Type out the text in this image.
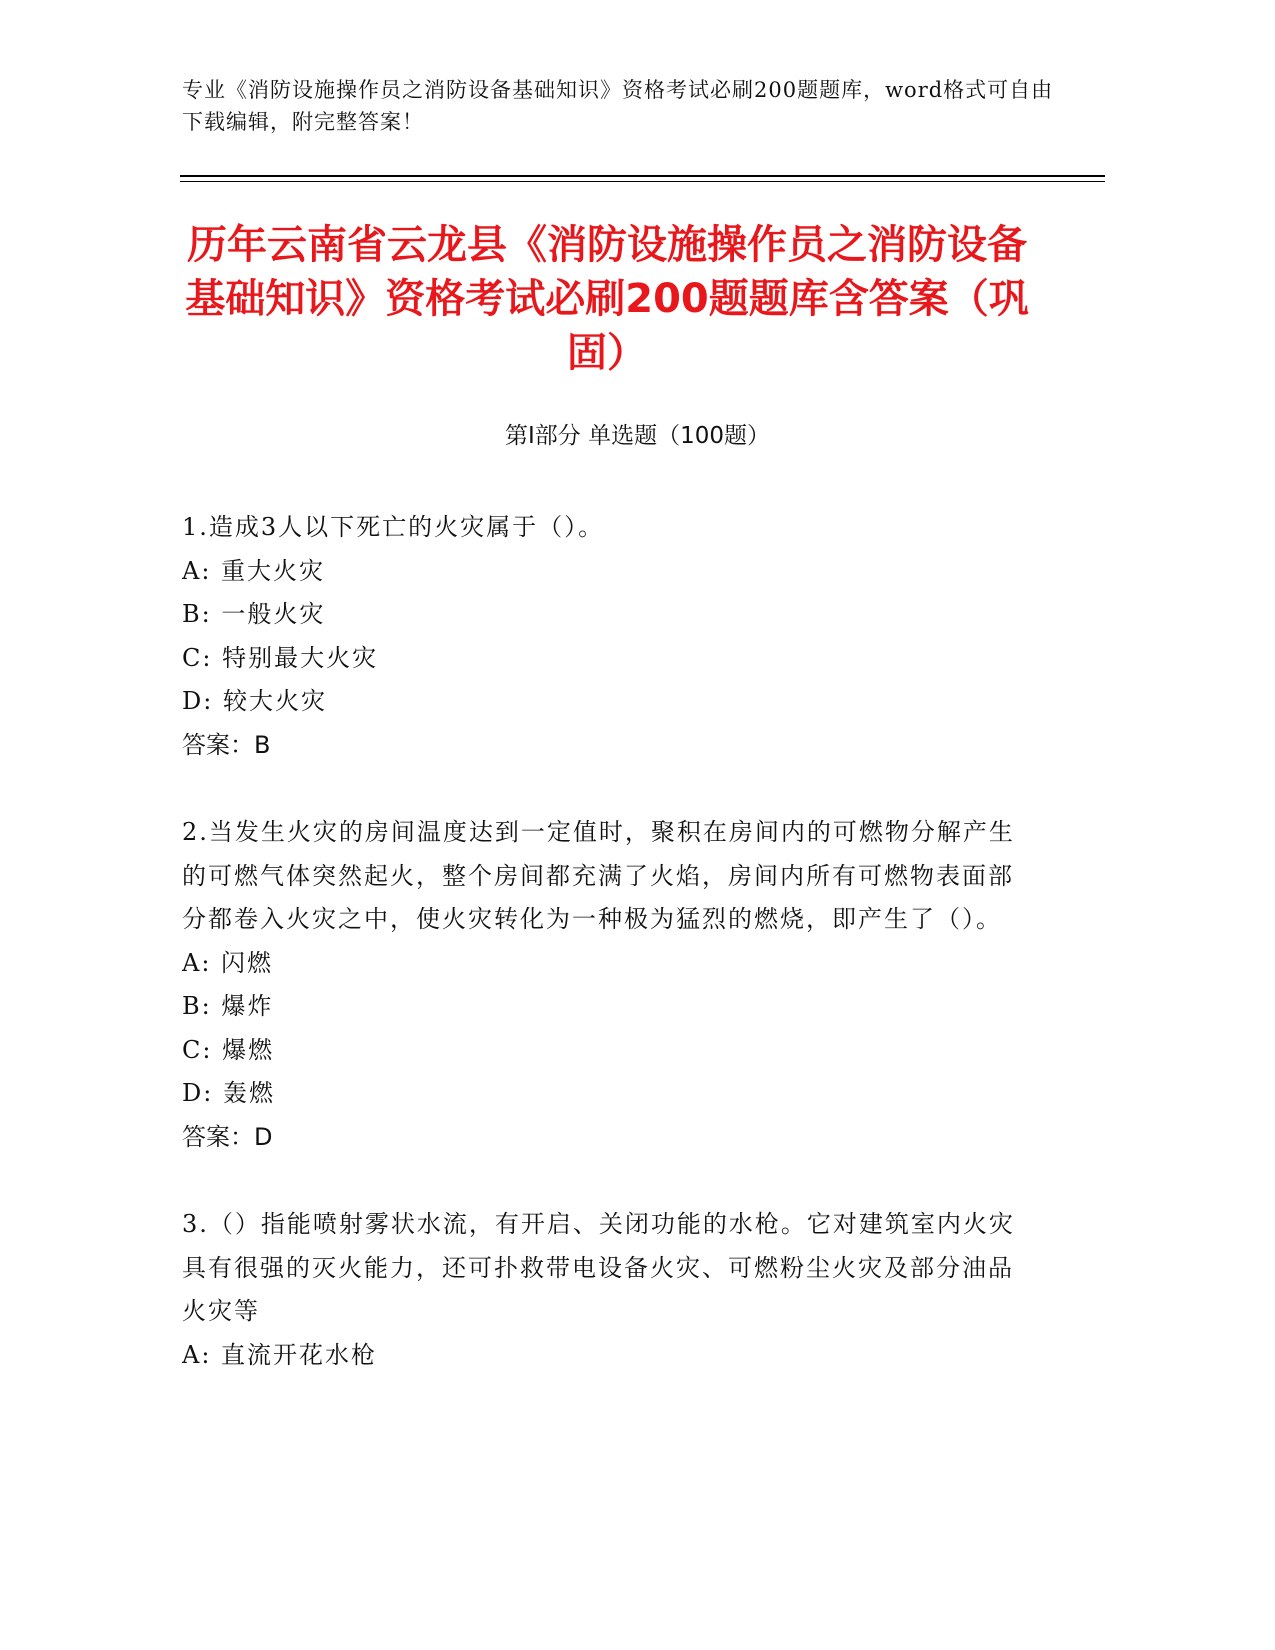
专业《消防设施操作员之消防设备基础知识》资格考试必刷200题题库，word格式可自由下载编辑，附完整答案！
历年云南省云龙县《消防设施操作员之消防设备基础知识》资格考试必刷200题题库含答案（巩固）
第Ⅰ部分 单选题（100题）

1.造成3人以下死亡的火灾属于（）。

A: 重大火灾

B: 一般火灾

C: 特别最大火灾

D: 较大火灾

答案：B

2.当发生火灾的房间温度达到一定值时，聚积在房间内的可燃物分解产生的可燃气体突然起火，整个房间都充满了火焰，房间内所有可燃物表面部分都卷入火灾之中，使火灾转化为一种极为猛烈的燃烧，即产生了（）。

A: 闪燃

B: 爆炸

C: 爆燃

D: 轰燃

答案：D

3.（）指能喷射雾状水流，有开启、关闭功能的水枪。它对建筑室内火灾具有很强的灭火能力，还可扑救带电设备火灾、可燃粉尘火灾及部分油品火灾等

A: 直流开花水枪
